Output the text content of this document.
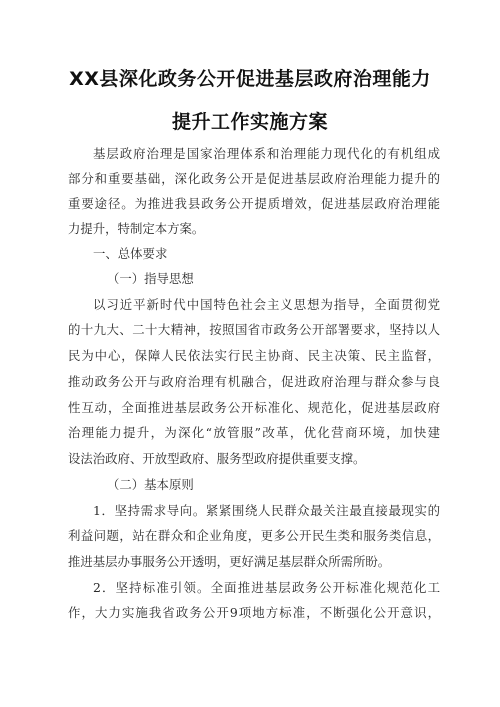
XX县深化政务公开促进基层政府治理能力
提升工作实施方案
基层政府治理是国家治理体系和治理能力现代化的有机组成
部分和重要基础，深化政务公开是促进基层政府治理能力提升的
重要途径。为推进我县政务公开提质增效，促进基层政府治理能
力提升，特制定本方案。
一、总体要求
（一）指导思想
以习近平新时代中国特色社会主义思想为指导，全面贯彻党
的十九大、二十大精神，按照国省市政务公开部署要求，坚持以人
民为中心，保障人民依法实行民主协商、民主决策、民主监督，
推动政务公开与政府治理有机融合，促进政府治理与群众参与良
性互动，全面推进基层政务公开标准化、规范化，促进基层政府
治理能力提升，为深化“放管服”改革，优化营商环境，加快建
设法治政府、开放型政府、服务型政府提供重要支撑。
（二）基本原则
1．坚持需求导向。紧紧围绕人民群众最关注最直接最现实的
利益问题，站在群众和企业角度，更多公开民生类和服务类信息，
推进基层办事服务公开透明，更好满足基层群众所需所盼。
2．坚持标准引领。全面推进基层政务公开标准化规范化工
作，大力实施我省政务公开9项地方标准，不断强化公开意识，
